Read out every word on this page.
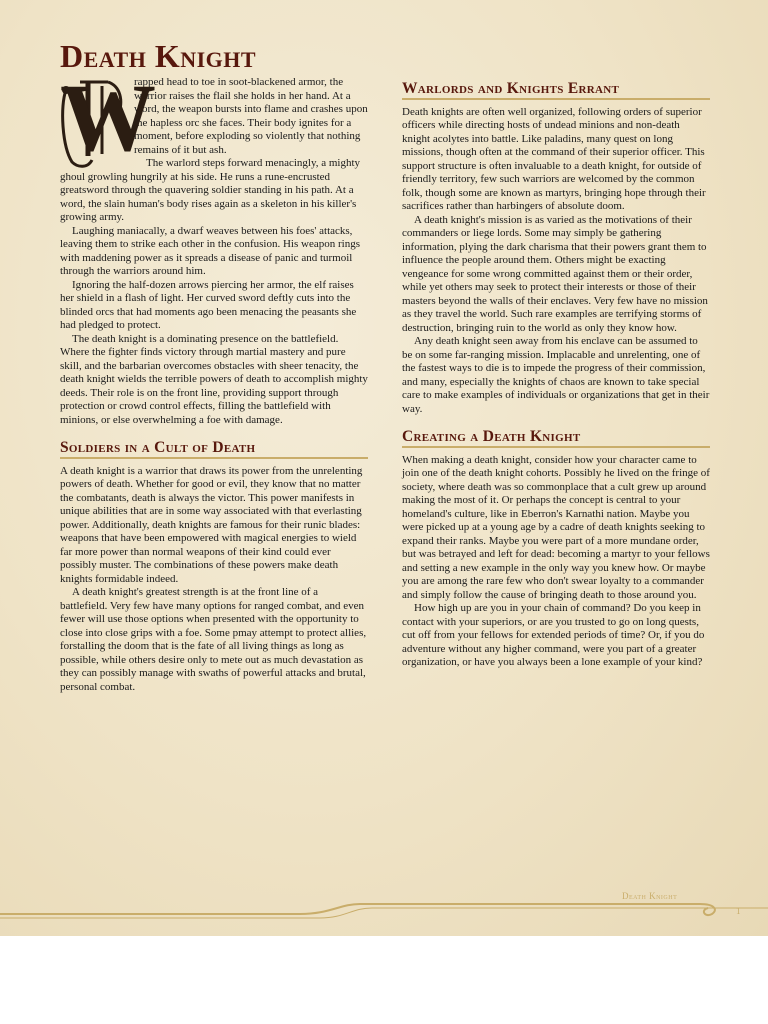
Death Knight
W

rapped head to toe in soot-blackened armor, the warrior raises the flail she holds in her hand. At a word, the weapon bursts into flame and crashes upon the hapless orc she faces. Their body ignites for a moment, before exploding so violently that nothing remains of it but ash.

The warlord steps forward menacingly, a mighty ghoul growling hungrily at his side. He runs a rune-encrusted greatsword through the quavering soldier standing in his path. At a word, the slain human's body rises again as a skeleton in his killer's growing army.

Laughing maniacally, a dwarf weaves between his foes' attacks, leaving them to strike each other in the confusion. His weapon rings with maddening power as it spreads a disease of panic and turmoil through the warriors around him.

Ignoring the half-dozen arrows piercing her armor, the elf raises her shield in a flash of light. Her curved sword deftly cuts into the blinded orcs that had moments ago been menacing the peasants she had pledged to protect.

The death knight is a dominating presence on the battlefield. Where the fighter finds victory through martial mastery and pure skill, and the barbarian overcomes obstacles with sheer tenacity, the death knight wields the terrible powers of death to accomplish mighty deeds. Their role is on the front line, providing support through protection or crowd control effects, filling the battlefield with minions, or else overwhelming a foe with damage.

Soldiers in a Cult of Death

A death knight is a warrior that draws its power from the unrelenting powers of death. Whether for good or evil, they know that no matter the combatants, death is always the victor. This power manifests in unique abilities that are in some way associated with that everlasting power. Additionally, death knights are famous for their runic blades: weapons that have been empowered with magical energies to wield far more power than normal weapons of their kind could ever possibly muster. The combinations of these powers make death knights formidable indeed.

A death knight's greatest strength is at the front line of a battlefield. Very few have many options for ranged combat, and even fewer will use those options when presented with the opportunity to close into close grips with a foe. Some pmay attempt to protect allies, forstalling the doom that is the fate of all living things as long as possible, while others desire only to mete out as much devastation as they can possibly manage with swaths of powerful attacks and brutal, personal combat.

Warlords and Knights Errant

Death knights are often well organized, following orders of superior officers while directing hosts of undead minions and non-death knight acolytes into battle. Like paladins, many quest on long missions, though often at the command of their superior officer. This support structure is often invaluable to a death knight, for outside of friendly territory, few such warriors are welcomed by the common folk, though some are known as martyrs, bringing hope through their sacrifices rather than harbingers of absolute doom.

A death knight's mission is as varied as the motivations of their commanders or liege lords. Some may simply be gathering information, plying the dark charisma that their powers grant them to influence the people around them. Others might be exacting vengeance for some wrong committed against them or their order, while yet others may seek to protect their interests or those of their masters beyond the walls of their enclaves. Very few have no mission as they travel the world. Such rare examples are terrifying storms of destruction, bringing ruin to the world as only they know how.

Any death knight seen away from his enclave can be assumed to be on some far-ranging mission. Implacable and unrelenting, one of the fastest ways to die is to impede the progress of their commission, and many, especially the knights of chaos are known to take special care to make examples of individuals or organizations that get in their way.

Creating a Death Knight

When making a death knight, consider how your character came to join one of the death knight cohorts. Possibly he lived on the fringe of society, where death was so commonplace that a cult grew up around making the most of it. Or perhaps the concept is central to your homeland's culture, like in Eberron's Karnathi nation. Maybe you were picked up at a young age by a cadre of death knights seeking to expand their ranks. Maybe you were part of a more mundane order, but was betrayed and left for dead: becoming a martyr to your fellows and setting a new example in the only way you knew how. Or maybe you are among the rare few who don't swear loyalty to a commander and simply follow the cause of bringing death to those around you.

How high up are you in your chain of command? Do you keep in contact with your superiors, or are you trusted to go on long quests, cut off from your fellows for extended periods of time? Or, if you do adventure without any higher command, were you part of a greater organization, or have you always been a lone example of your kind?

Death Knight
1
